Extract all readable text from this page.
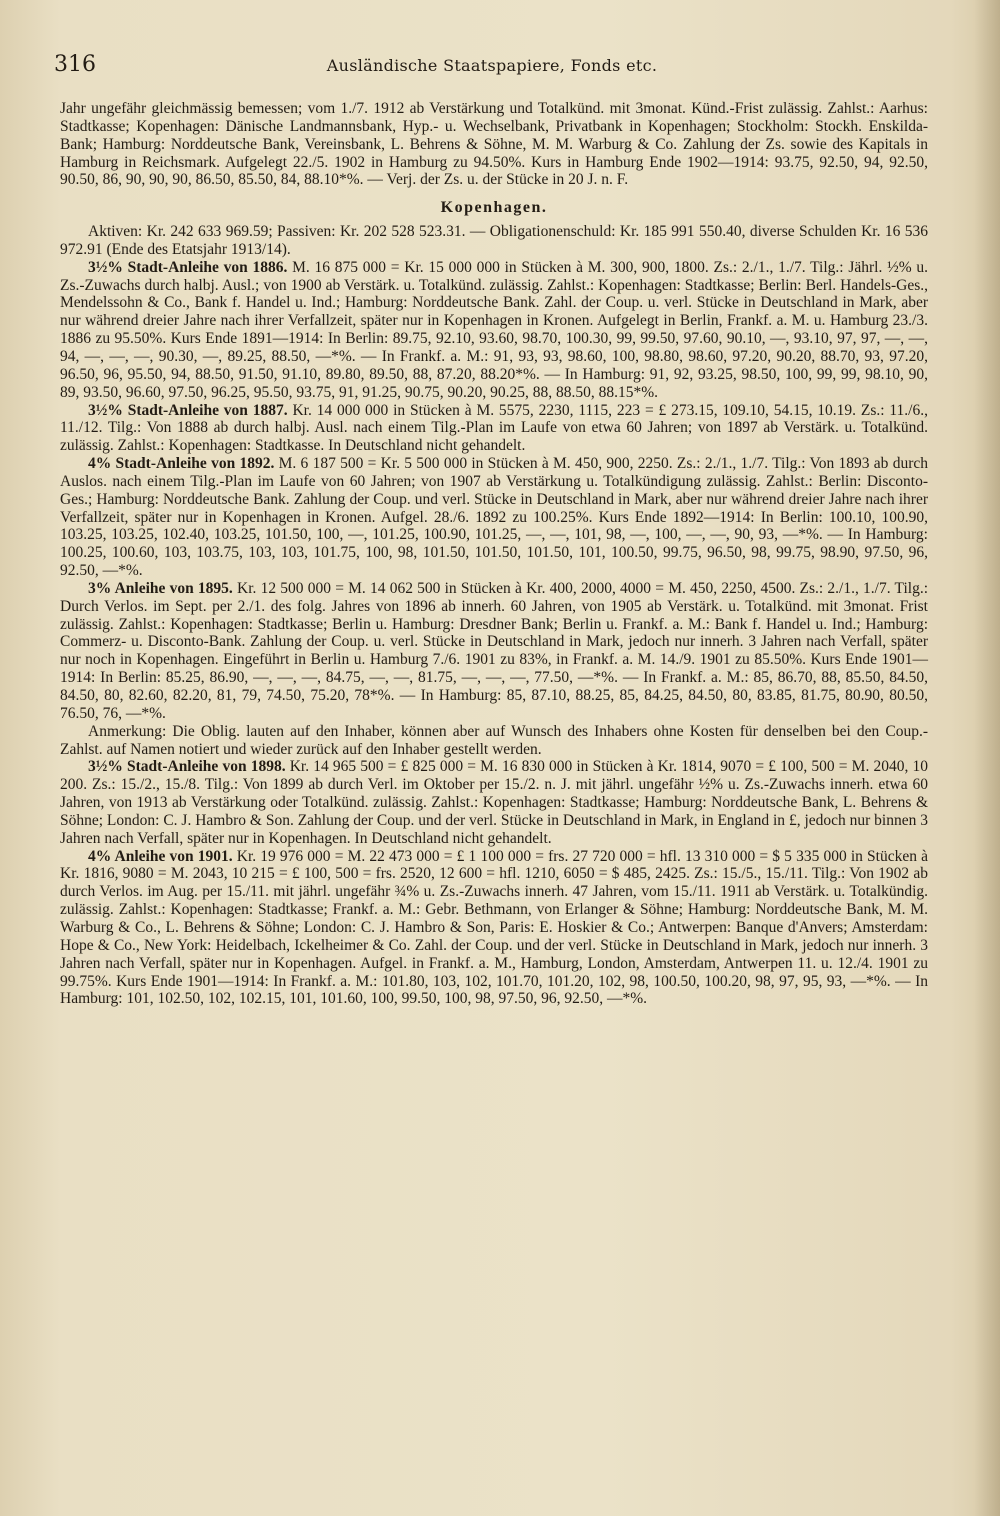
316	Ausländische Staatspapiere, Fonds etc.

Jahr ungefähr gleichmässig bemessen; vom 1./7. 1912 ab Verstärkung und Totalkünd. mit 3monat. Künd.-Frist zulässig. Zahlst.: Aarhus: Stadtkasse; Kopenhagen: Dänische Landmannsbank, Hyp.- u. Wechselbank, Privatbank in Kopenhagen; Stockholm: Stockh. Enskilda-Bank; Hamburg: Norddeutsche Bank, Vereinsbank, L. Behrens & Söhne, M. M. Warburg & Co. Zahlung der Zs. sowie des Kapitals in Hamburg in Reichsmark. Aufgelegt 22./5. 1902 in Hamburg zu 94.50%. Kurs in Hamburg Ende 1902—1914: 93.75, 92.50, 94, 92.50, 90.50, 86, 90, 90, 90, 86.50, 85.50, 84, 88.10*%. — Verj. der Zs. u. der Stücke in 20 J. n. F.

Kopenhagen.

Aktiven: Kr. 242 633 969.59; Passiven: Kr. 202 528 523.31. — Obligationenschuld: Kr. 185 991 550.40, diverse Schulden Kr. 16 536 972.91 (Ende des Etatsjahr 1913/14).

3½% Stadt-Anleihe von 1886. M. 16 875 000 = Kr. 15 000 000 in Stücken à M. 300, 900, 1800. Zs.: 2./1., 1./7. Tilg.: Jährl. ½% u. Zs.-Zuwachs durch halbj. Ausl.; von 1900 ab Verstärk. u. Totalkünd. zulässig. Zahlst.: Kopenhagen: Stadtkasse; Berlin: Berl. Handels-Ges., Mendelssohn & Co., Bank f. Handel u. Ind.; Hamburg: Norddeutsche Bank. Zahl. der Coup. u. verl. Stücke in Deutschland in Mark, aber nur während dreier Jahre nach ihrer Verfallzeit, später nur in Kopenhagen in Kronen. Aufgelegt in Berlin, Frankf. a. M. u. Hamburg 23./3. 1886 zu 95.50%. Kurs Ende 1891—1914: In Berlin: 89.75, 92.10, 93.60, 98.70, 100.30, 99, 99.50, 97.60, 90.10, —, 93.10, 97, 97, —, —, 94, —, —, —, 90.30, —, 89.25, 88.50, —*%. — In Frankf. a. M.: 91, 93, 93, 98.60, 100, 98.80, 98.60, 97.20, 90.20, 88.70, 93, 97.20, 96.50, 96, 95.50, 94, 88.50, 91.50, 91.10, 89.80, 89.50, 88, 87.20, 88.20*%. — In Hamburg: 91, 92, 93.25, 98.50, 100, 99, 99, 98.10, 90, 89, 93.50, 96.60, 97.50, 96.25, 95.50, 93.75, 91, 91.25, 90.75, 90.20, 90.25, 88, 88.50, 88.15*%.

3½% Stadt-Anleihe von 1887. Kr. 14 000 000 in Stücken à M. 5575, 2230, 1115, 223 = £ 273.15, 109.10, 54.15, 10.19. Zs.: 11./6., 11./12. Tilg.: Von 1888 ab durch halbj. Ausl. nach einem Tilg.-Plan im Laufe von etwa 60 Jahren; von 1897 ab Verstärk. u. Totalkünd. zulässig. Zahlst.: Kopenhagen: Stadtkasse. In Deutschland nicht gehandelt.

4% Stadt-Anleihe von 1892. M. 6 187 500 = Kr. 5 500 000 in Stücken à M. 450, 900, 2250. Zs.: 2./1., 1./7. Tilg.: Von 1893 ab durch Auslos. nach einem Tilg.-Plan im Laufe von 60 Jahren; von 1907 ab Verstärkung u. Totalkündigung zulässig. Zahlst.: Berlin: Disconto-Ges.; Hamburg: Norddeutsche Bank. Zahlung der Coup. und verl. Stücke in Deutschland in Mark, aber nur während dreier Jahre nach ihrer Verfallzeit, später nur in Kopenhagen in Kronen. Aufgel. 28./6. 1892 zu 100.25%. Kurs Ende 1892—1914: In Berlin: 100.10, 100.90, 103.25, 103.25, 102.40, 103.25, 101.50, 100, —, 101.25, 100.90, 101.25, —, —, 101, 98, —, 100, —, —, 90, 93, —*%. — In Hamburg: 100.25, 100.60, 103, 103.75, 103, 103, 101.75, 100, 98, 101.50, 101.50, 101.50, 101, 100.50, 99.75, 96.50, 98, 99.75, 98.90, 97.50, 96, 92.50, —*%.

3% Anleihe von 1895. Kr. 12 500 000 = M. 14 062 500 in Stücken à Kr. 400, 2000, 4000 = M. 450, 2250, 4500. Zs.: 2./1., 1./7. Tilg.: Durch Verlos. im Sept. per 2./1. des folg. Jahres von 1896 ab innerh. 60 Jahren, von 1905 ab Verstärk. u. Totalkünd. mit 3monat. Frist zulässig. Zahlst.: Kopenhagen: Stadtkasse; Berlin u. Hamburg: Dresdner Bank; Berlin u. Frankf. a. M.: Bank f. Handel u. Ind.; Hamburg: Commerz- u. Disconto-Bank. Zahlung der Coup. u. verl. Stücke in Deutschland in Mark, jedoch nur innerh. 3 Jahren nach Verfall, später nur noch in Kopenhagen. Eingeführt in Berlin u. Hamburg 7./6. 1901 zu 83%, in Frankf. a. M. 14./9. 1901 zu 85.50%. Kurs Ende 1901—1914: In Berlin: 85.25, 86.90, —, —, —, 84.75, —, —, 81.75, —, —, —, 77.50, —*%. — In Frankf. a. M.: 85, 86.70, 88, 85.50, 84.50, 84.50, 80, 82.60, 82.20, 81, 79, 74.50, 75.20, 78*%. — In Hamburg: 85, 87.10, 88.25, 85, 84.25, 84.50, 80, 83.85, 81.75, 80.90, 80.50, 76.50, 76, —*%.

Anmerkung: Die Oblig. lauten auf den Inhaber, können aber auf Wunsch des Inhabers ohne Kosten für denselben bei den Coup.-Zahlst. auf Namen notiert und wieder zurück auf den Inhaber gestellt werden.

3½% Stadt-Anleihe von 1898. Kr. 14 965 500 = £ 825 000 = M. 16 830 000 in Stücken à Kr. 1814, 9070 = £ 100, 500 = M. 2040, 10 200. Zs.: 15./2., 15./8. Tilg.: Von 1899 ab durch Verl. im Oktober per 15./2. n. J. mit jährl. ungefähr ½% u. Zs.-Zuwachs innerh. etwa 60 Jahren, von 1913 ab Verstärkung oder Totalkünd. zulässig. Zahlst.: Kopenhagen: Stadtkasse; Hamburg: Norddeutsche Bank, L. Behrens & Söhne; London: C. J. Hambro & Son. Zahlung der Coup. und der verl. Stücke in Deutschland in Mark, in England in £, jedoch nur binnen 3 Jahren nach Verfall, später nur in Kopenhagen. In Deutschland nicht gehandelt.

4% Anleihe von 1901. Kr. 19 976 000 = M. 22 473 000 = £ 1 100 000 = frs. 27 720 000 = hfl. 13 310 000 = $ 5 335 000 in Stücken à Kr. 1816, 9080 = M. 2043, 10 215 = £ 100, 500 = frs. 2520, 12 600 = hfl. 1210, 6050 = $ 485, 2425. Zs.: 15./5., 15./11. Tilg.: Von 1902 ab durch Verlos. im Aug. per 15./11. mit jährl. ungefähr ¾% u. Zs.-Zuwachs innerh. 47 Jahren, vom 15./11. 1911 ab Verstärk. u. Totalkündig. zulässig. Zahlst.: Kopenhagen: Stadtkasse; Frankf. a. M.: Gebr. Bethmann, von Erlanger & Söhne; Hamburg: Norddeutsche Bank, M. M. Warburg & Co., L. Behrens & Söhne; London: C. J. Hambro & Son, Paris: E. Hoskier & Co.; Antwerpen: Banque d'Anvers; Amsterdam: Hope & Co., New York: Heidelbach, Ickelheimer & Co. Zahl. der Coup. und der verl. Stücke in Deutschland in Mark, jedoch nur innerh. 3 Jahren nach Verfall, später nur in Kopenhagen. Aufgel. in Frankf. a. M., Hamburg, London, Amsterdam, Antwerpen 11. u. 12./4. 1901 zu 99.75%. Kurs Ende 1901—1914: In Frankf. a. M.: 101.80, 103, 102, 101.70, 101.20, 102, 98, 100.50, 100.20, 98, 97, 95, 93, —*%. — In Hamburg: 101, 102.50, 102, 102.15, 101, 101.60, 100, 99.50, 100, 98, 97.50, 96, 92.50, —*%.
